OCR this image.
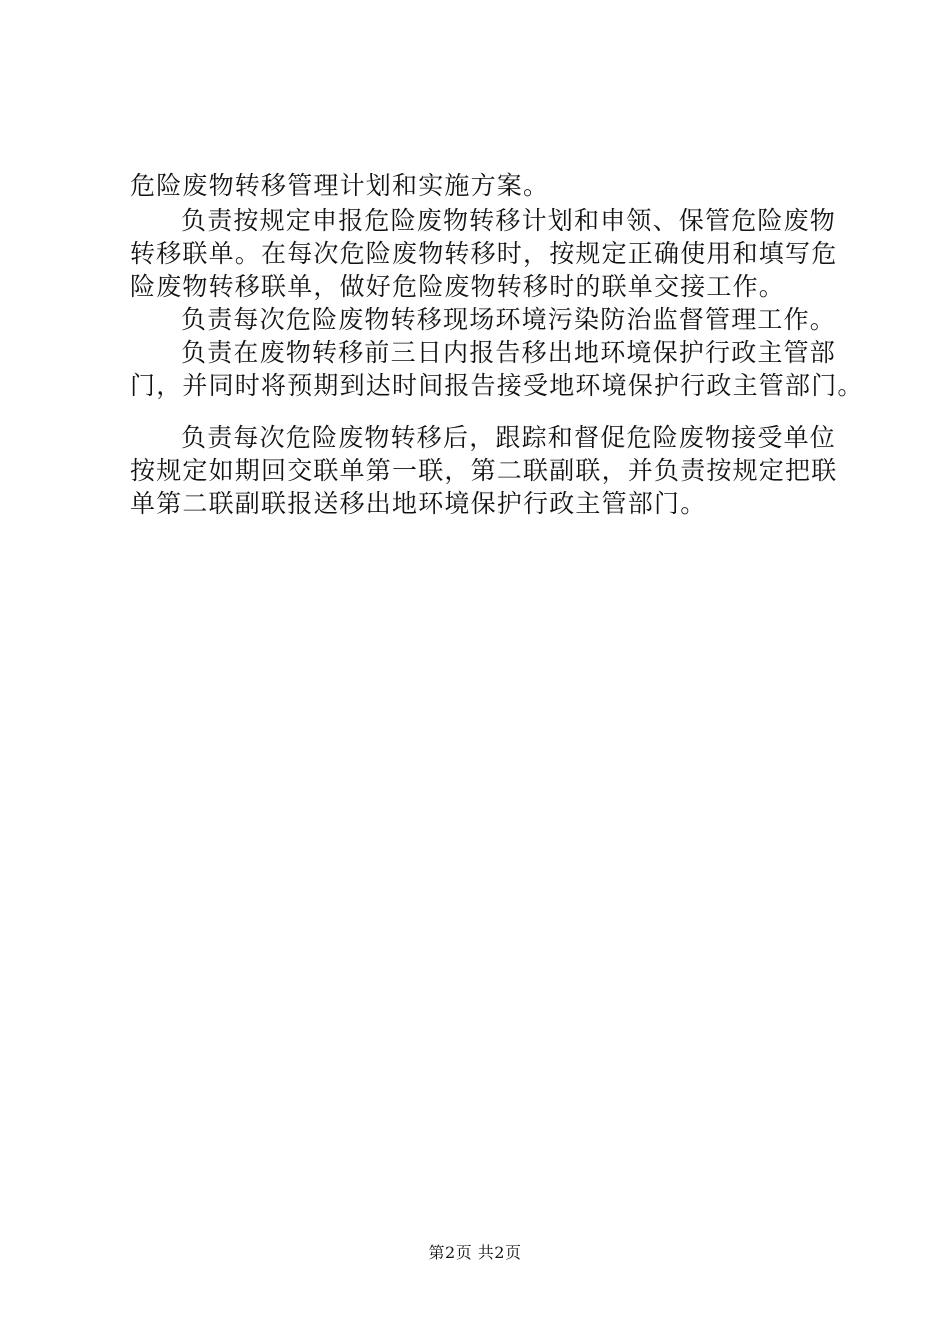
危险废物转移管理计划和实施方案。
负责按规定申报危险废物转移计划和申领、保管危险废物
转移联单。在每次危险废物转移时，按规定正确使用和填写危
险废物转移联单，做好危险废物转移时的联单交接工作。
负责每次危险废物转移现场环境污染防治监督管理工作。
负责在废物转移前三日内报告移出地环境保护行政主管部
门，并同时将预期到达时间报告接受地环境保护行政主管部门。
负责每次危险废物转移后，跟踪和督促危险废物接受单位
按规定如期回交联单第一联，第二联副联，并负责按规定把联
单第二联副联报送移出地环境保护行政主管部门。
第2页 共2页
